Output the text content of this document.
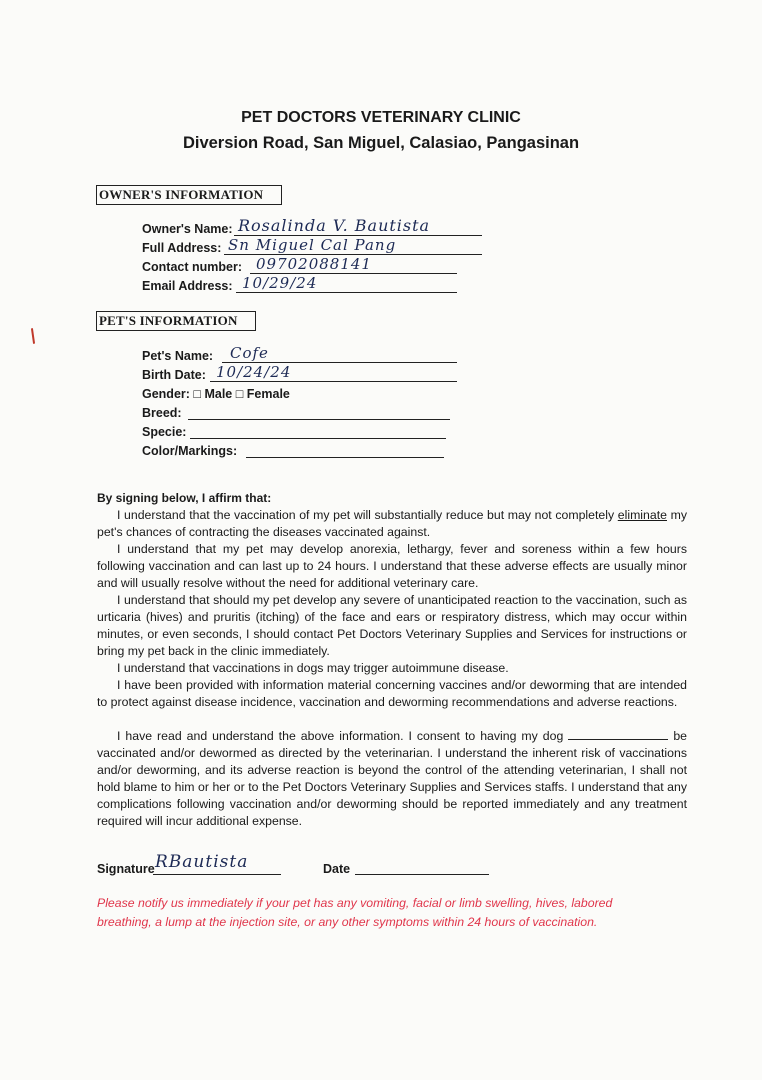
PET DOCTORS VETERINARY CLINIC
Diversion Road, San Miguel, Calasiao, Pangasinan
OWNER'S INFORMATION
Owner's Name: Rosalinda V. Bautista
Full Address: Sn Miguel Cal Pang
Contact number: 09702088141
Email Address: 10/29/24
PET'S INFORMATION
Pet's Name: Cofe
Birth Date: 10/24/24
Gender: □ Male □ Female
Breed:
Specie:
Color/Markings:
By signing below, I affirm that:

I understand that the vaccination of my pet will substantially reduce but may not completely eliminate my pet's chances of contracting the diseases vaccinated against.

I understand that my pet may develop anorexia, lethargy, fever and soreness within a few hours following vaccination and can last up to 24 hours. I understand that these adverse effects are usually minor and will usually resolve without the need for additional veterinary care.

I understand that should my pet develop any severe of unanticipated reaction to the vaccination, such as urticaria (hives) and pruritis (itching) of the face and ears or respiratory distress, which may occur within minutes, or even seconds, I should contact Pet Doctors Veterinary Supplies and Services for instructions or bring my pet back in the clinic immediately.

I understand that vaccinations in dogs may trigger autoimmune disease.

I have been provided with information material concerning vaccines and/or deworming that are intended to protect against disease incidence, vaccination and deworming recommendations and adverse reactions.

I have read and understand the above information. I consent to having my dog	be vaccinated and/or dewormed as directed by the veterinarian. I understand the inherent risk of vaccinations and/or deworming, and its adverse reaction is beyond the control of the attending veterinarian, I shall not hold blame to him or her or to the Pet Doctors Veterinary Supplies and Services staffs. I understand that any complications following vaccination and/or deworming should be reported immediately and any treatment required will incur additional expense.

Signature RBautista	Date
Please notify us immediately if your pet has any vomiting, facial or limb swelling, hives, labored breathing, a lump at the injection site, or any other symptoms within 24 hours of vaccination.
